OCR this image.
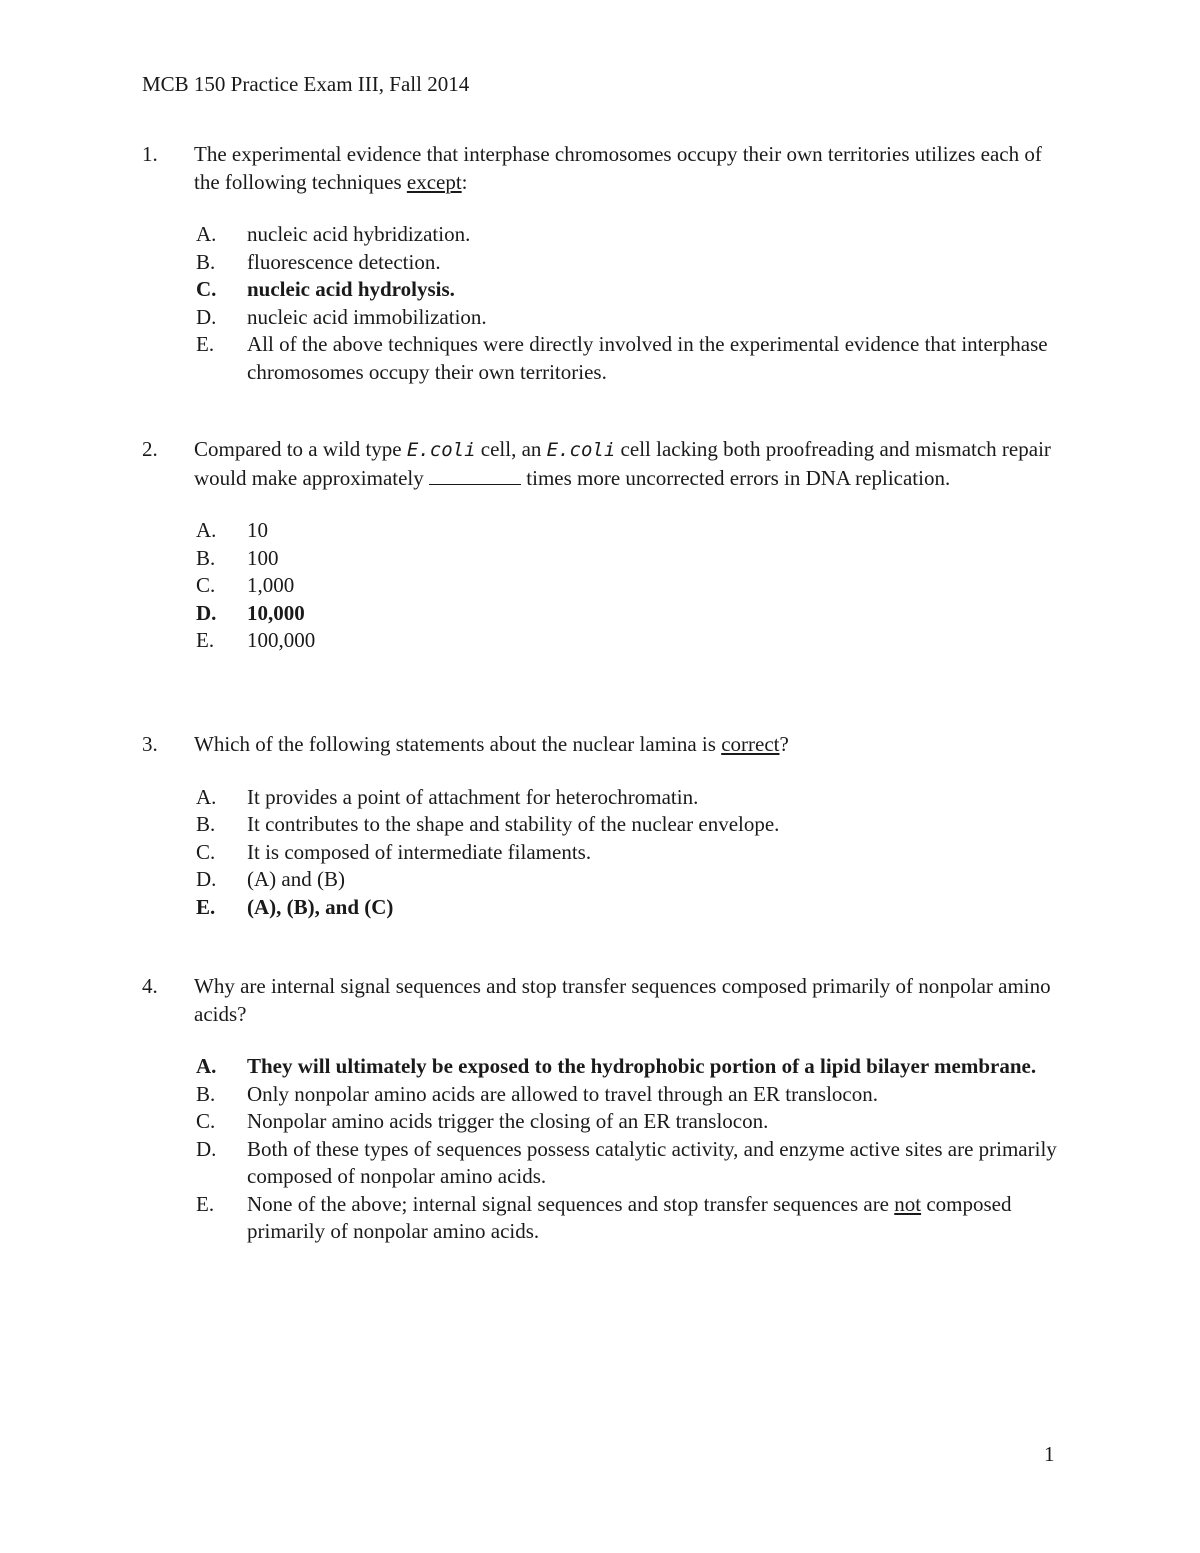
MCB 150 Practice Exam III, Fall 2014
1. The experimental evidence that interphase chromosomes occupy their own territories utilizes each of the following techniques except:
A. nucleic acid hybridization.
B. fluorescence detection.
C. nucleic acid hydrolysis.
D. nucleic acid immobilization.
E. All of the above techniques were directly involved in the experimental evidence that interphase chromosomes occupy their own territories.
2. Compared to a wild type E.coli cell, an E.coli cell lacking both proofreading and mismatch repair would make approximately	times more uncorrected errors in DNA replication.
A. 10
B. 100
C. 1,000
D. 10,000
E. 100,000
3. Which of the following statements about the nuclear lamina is correct?
A. It provides a point of attachment for heterochromatin.
B. It contributes to the shape and stability of the nuclear envelope.
C. It is composed of intermediate filaments.
D. (A) and (B)
E. (A), (B), and (C)
4. Why are internal signal sequences and stop transfer sequences composed primarily of nonpolar amino acids?
A. They will ultimately be exposed to the hydrophobic portion of a lipid bilayer membrane.
B. Only nonpolar amino acids are allowed to travel through an ER translocon.
C. Nonpolar amino acids trigger the closing of an ER translocon.
D. Both of these types of sequences possess catalytic activity, and enzyme active sites are primarily composed of nonpolar amino acids.
E. None of the above; internal signal sequences and stop transfer sequences are not composed primarily of nonpolar amino acids.
1
